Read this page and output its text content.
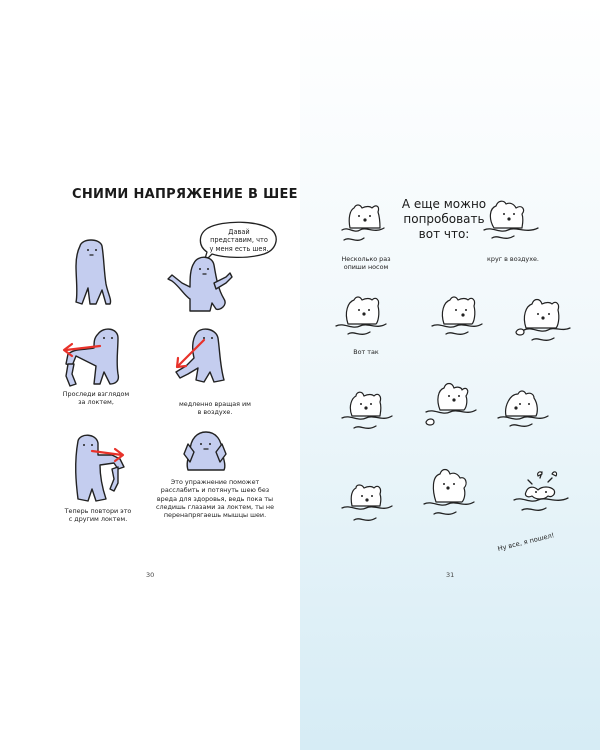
СНИМИ НАПРЯЖЕНИЕ В ШЕЕ
Давай
представим, что
у меня есть шея.
Проследи взглядом
за локтем,	медленно вращая им
в воздухе.
Теперь повтори это
с другим локтем.
Это упражнение поможет
расслабить и потянуть шею без
вреда для здоровья, ведь пока ты
следишь глазами за локтем, ты не
перенапрягаешь мышцы шеи.
30
А еще можно
попробовать
вот что:
Несколько раз
опиши носом
круг в воздухе.
Вот так
Ну все, я пошел!
31
